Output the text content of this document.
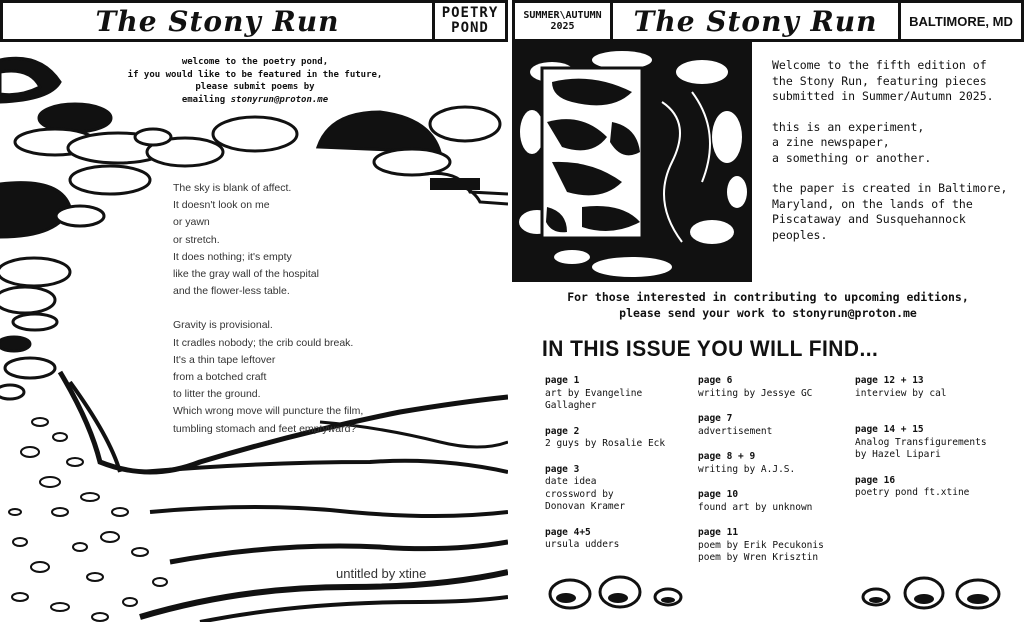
The Stony Run	POETRY
POND
SUMMER\AUTUMN
2025	The Stony Run	BALTIMORE, MD
welcome to the poetry pond,
if you would like to be featured in the future,
please submit poems by
emailing stonyrun@proton.me
The sky is blank of affect.
It doesn't look on me
or yawn
or stretch.
It does nothing; it's empty
like the gray wall of the hospital
and the flower-less table.
Gravity is provisional.
It cradles nobody; the crib could break.
It's a thin tape leftover
from a botched craft
to litter the ground.
Which wrong move will puncture the film,
tumbling stomach and feet emptyward?
untitled by xtine

Welcome to the fifth edition of the Stony Run, featuring pieces submitted in Summer/Autumn 2025.

this is an experiment,
a zine newspaper,
a something or another.

the paper is created in Baltimore, Maryland, on the lands of the Piscataway and Susquehannock peoples.

For those interested in contributing to upcoming editions,
please send your work to stonyrun@proton.me
IN THIS ISSUE YOU WILL FIND...
page 1
art by Evangeline
Gallagher
page 2
2 guys by Rosalie Eck
page 3
date idea
crossword by
Donovan Kramer
page 4+5
ursula udders
page 6
writing by Jessye GC
page 7
advertisement
page 8 + 9
writing by A.J.S.
page 10
found art by unknown
page 11
poem by Erik Pecukonis
poem by Wren Krisztin
page 12 + 13
interview by cal
page 14 + 15
Analog Transfigurements
by Hazel Lipari
page 16
poetry pond ft.xtine
